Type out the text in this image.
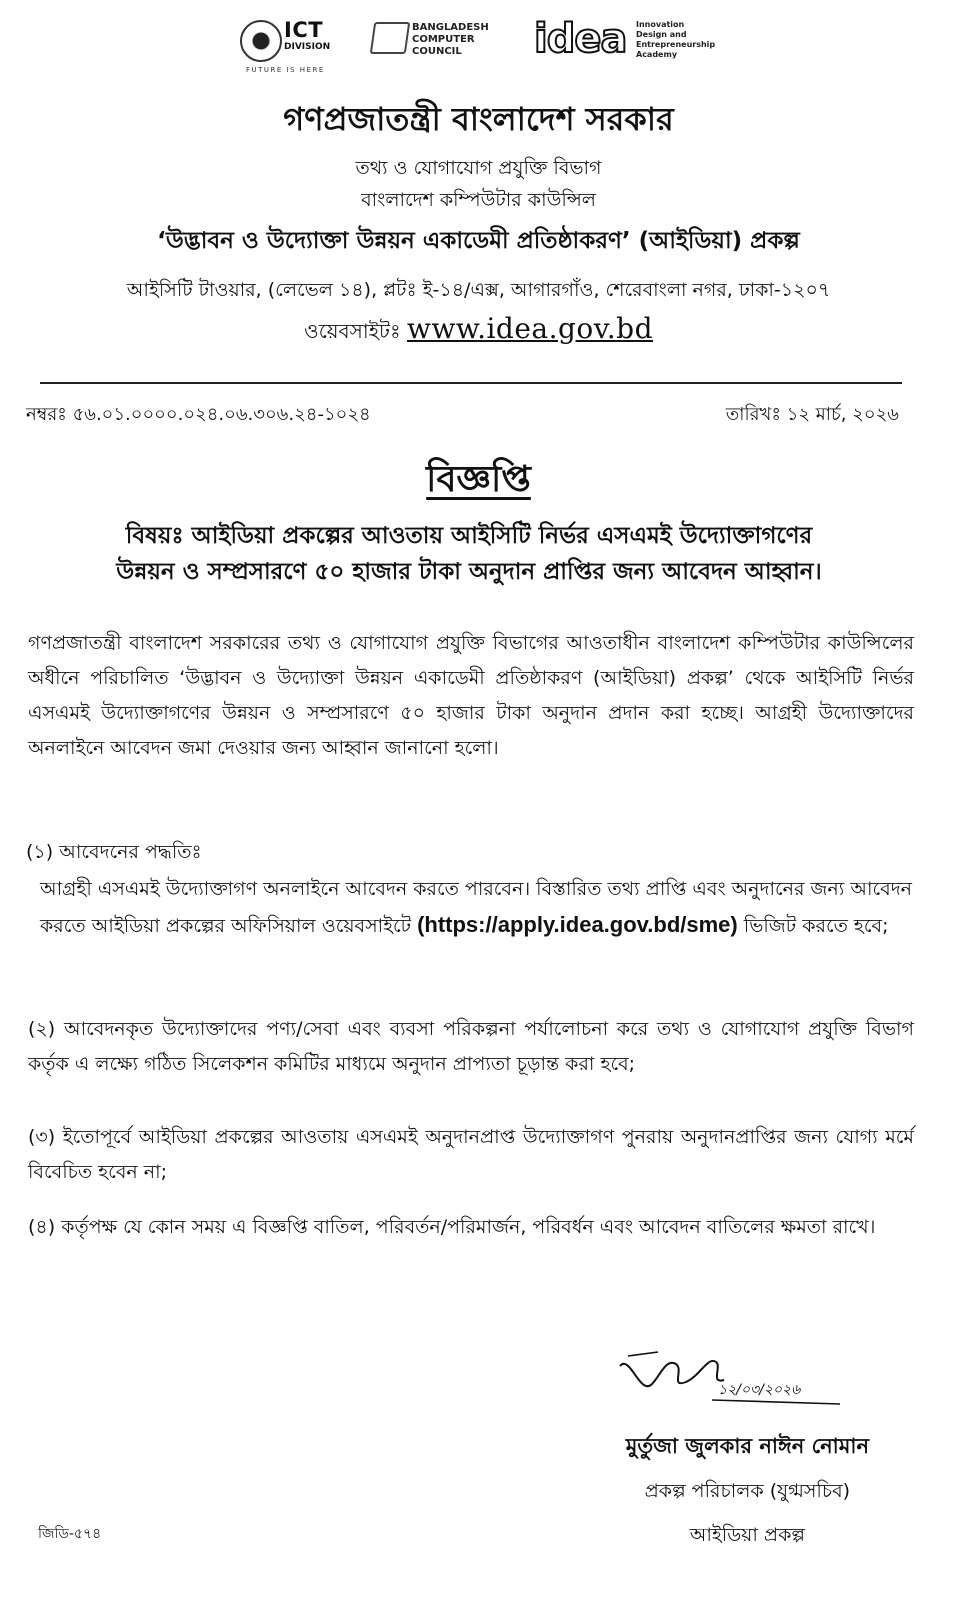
ICT
DIVISION
FUTURE IS HERE
BANGLADESH
COMPUTER
COUNCIL	idea Innovation
Design and
Entrepreneurship
Academy
গণপ্রজাতন্ত্রী বাংলাদেশ সরকার
তথ্য ও যোগাযোগ প্রযুক্তি বিভাগ
বাংলাদেশ কম্পিউটার কাউন্সিল
‘উদ্ভাবন ও উদ্যোক্তা উন্নয়ন একাডেমী প্রতিষ্ঠাকরণ’ (আইডিয়া) প্রকল্প
আইসিটি টাওয়ার, (লেভেল ১৪), প্লটঃ ই-১৪/এক্স, আগারগাঁও, শেরেবাংলা নগর, ঢাকা-১২০৭
ওয়েবসাইটঃ www.idea.gov.bd
নম্বরঃ ৫৬.০১.০০০০.০২৪.০৬.৩০৬.২৪-১০২৪	তারিখঃ ১২ মার্চ, ২০২৬
বিজ্ঞপ্তি
বিষয়ঃ আইডিয়া প্রকল্পের আওতায় আইসিটি নির্ভর এসএমই উদ্যোক্তাগণের
উন্নয়ন ও সম্প্রসারণে ৫০ হাজার টাকা অনুদান প্রাপ্তির জন্য আবেদন আহ্বান।
গণপ্রজাতন্ত্রী বাংলাদেশ সরকারের তথ্য ও যোগাযোগ প্রযুক্তি বিভাগের আওতাধীন বাংলাদেশ কম্পিউটার কাউন্সিলের অধীনে পরিচালিত ‘উদ্ভাবন ও উদ্যোক্তা উন্নয়ন একাডেমী প্রতিষ্ঠাকরণ (আইডিয়া) প্রকল্প’ থেকে আইসিটি নির্ভর এসএমই উদ্যোক্তাগণের উন্নয়ন ও সম্প্রসারণে ৫০ হাজার টাকা অনুদান প্রদান করা হচ্ছে। আগ্রহী উদ্যোক্তাদের অনলাইনে আবেদন জমা দেওয়ার জন্য আহ্বান জানানো হলো।
(১) আবেদনের পদ্ধতিঃ
আগ্রহী এসএমই উদ্যোক্তাগণ অনলাইনে আবেদন করতে পারবেন। বিস্তারিত তথ্য প্রাপ্তি এবং অনুদানের জন্য আবেদন করতে আইডিয়া প্রকল্পের অফিসিয়াল ওয়েবসাইটে (https://apply.idea.gov.bd/sme) ভিজিট করতে হবে;
(২) আবেদনকৃত উদ্যোক্তাদের পণ্য/সেবা এবং ব্যবসা পরিকল্পনা পর্যালোচনা করে তথ্য ও যোগাযোগ প্রযুক্তি বিভাগ কর্তৃক এ লক্ষ্যে গঠিত সিলেকশন কমিটির মাধ্যমে অনুদান প্রাপ্যতা চূড়ান্ত করা হবে;
(৩) ইতোপূর্বে আইডিয়া প্রকল্পের আওতায় এসএমই অনুদানপ্রাপ্ত উদ্যোক্তাগণ পুনরায় অনুদানপ্রাপ্তির জন্য যোগ্য মর্মে বিবেচিত হবেন না;
(৪) কর্তৃপক্ষ যে কোন সময় এ বিজ্ঞপ্তি বাতিল, পরিবর্তন/পরিমার্জন, পরিবর্ধন এবং আবেদন বাতিলের ক্ষমতা রাখে।
১২/০৩/২০২৬
মুর্তুজা জুলকার নাঈন নোমান
প্রকল্প পরিচালক (যুগ্মসচিব)
আইডিয়া প্রকল্প
জিডি-৫৭৪
